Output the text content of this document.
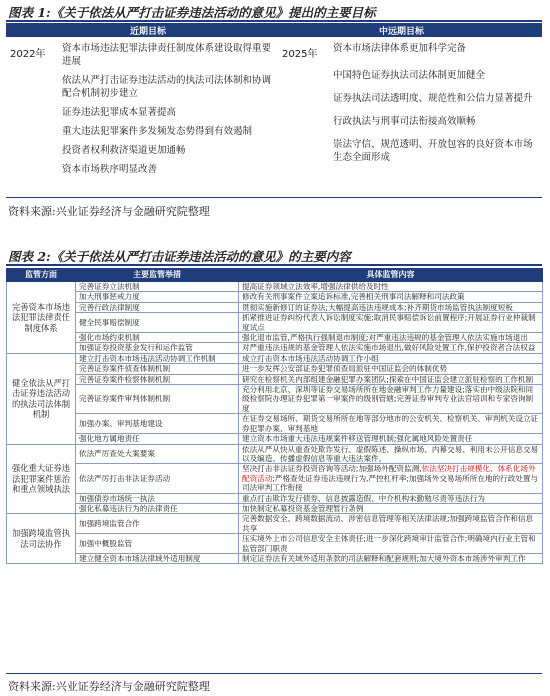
图表 1:《关于依法从严打击证券违法活动的意见》提出的主要目标
近期目标	中远期目标
2022年
资本市场违法犯罪法律责任制度体系建设取得重要进展
依法从严打击证券违法活动的执法司法体制和协调配合机制初步建立
证券违法犯罪成本显著提高
重大违法犯罪案件多发频发态势得到有效遏制
投资者权利救济渠道更加通畅
资本市场秩序明显改善
2025年
资本市场法律体系更加科学完备
中国特色证券执法司法体制更加健全
证券执法司法透明度、规范性和公信力显著提升
行政执法与刑事司法衔接高效顺畅
崇法守信、规范透明、开放包容的良好资本市场生态全面形成
资料来源:兴业证券经济与金融研究院整理
图表 2:《关于依法从严打击证券违法活动的意见》的主要内容
监管方面	主要监管举措	具体监管内容
完善资本市场违法犯罪法律责任制度体系	完善证券立法机制	提高证券领域立法效率,增强法律供给及时性
	加大刑事惩戒力度	修改有关刑事案件立案追诉标准,完善相关刑事司法解释和司法政策
	完善行政法律制度	贯彻实施新修订的证券法;大幅提高违法违规成本;补齐期货市场监管执法制度短板
	健全民事赔偿制度	抓紧推进证券纠纷代表人诉讼制度实施;取消民事赔偿诉讼前置程序;开展证券行业仲裁制度试点
	强化市场约束机制	强化退市监管,严格执行强制退市制度;对严重违法违规的基金管理人依法实施市场退出
	加强证券投资基金发行和运作监管	对严重违法违规的基金管理人依法实施市场退出,做好风险处置工作,保护投资者合法权益
健全依法从严打击证券违法活动的执法司法体制机制	建立打击资本市场违法活动协调工作机制	成立打击资本市场违法活动协调工作小组
	完善证券案件侦查体制机制	进一步发挥公安部证券犯罪侦查局派驻中国证监会的体制优势
	完善证券案件检察体制机制	研究在检察机关内部组建金融犯罪办案团队;探索在中国证监会建立派驻检察的工作机制
	完善证券案件审判体制机制	充分利用北京、深圳等证券交易场所所在地金融审判工作力量建设;落实由中级法院和同级检察院办理证券犯罪第一审案件的级别管辖;完善证券审判专业法官培训和专家咨询制度
	加强办案、审判基地建设	在证券交易场所、期货交易所所在地等部分地市的公安机关、检察机关、审判机关设立证券犯罪办案、审判基地
	强化地方属地责任	建立资本市场重大违法违规案件移送管理机制;强化属地风险处置责任
强化重大证券违法犯罪案件惩治和重点领域执法	依法严厉查处大案要案	依法从严从快从重查处欺诈发行、虚假陈述、操纵市场、内幕交易、利用未公开信息交易以及编造、传播虚假信息等重大违法案件。
	依法严厉打击非法证券活动	坚决打击非法证券投资咨询等活动;加强场外配资监测,依法坚决打击规模化、体系化场外配资活动;严格查处证券违法违规行为,严控杠杆率;加强场外交易场所所在地的行政处置与司法审判工作衔接
	加强债券市场统一执法	重点打击欺诈发行债券、信息披露造假、中介机构未勤勉尽责等违法行为
	强化私募违法行为的法律责任	加快制定私募投资基金管理暂行条例
加强跨境监管执法司法协作	加强跨境监管合作	完善数据安全、跨境数据流动、涉密信息管理等相关法律法规;加强跨境监管合作和信息共享
	加强中概股监管	压实境外上市公司信息安全主体责任;进一步深化跨境审计监管合作;明确境内行业主管和监管部门职责
	建立健全资本市场法律域外适用制度	制定证券法有关域外适用条款的司法解释和配套规则;加大境外资本市场涉外审判工作
资料来源:兴业证券经济与金融研究院整理
